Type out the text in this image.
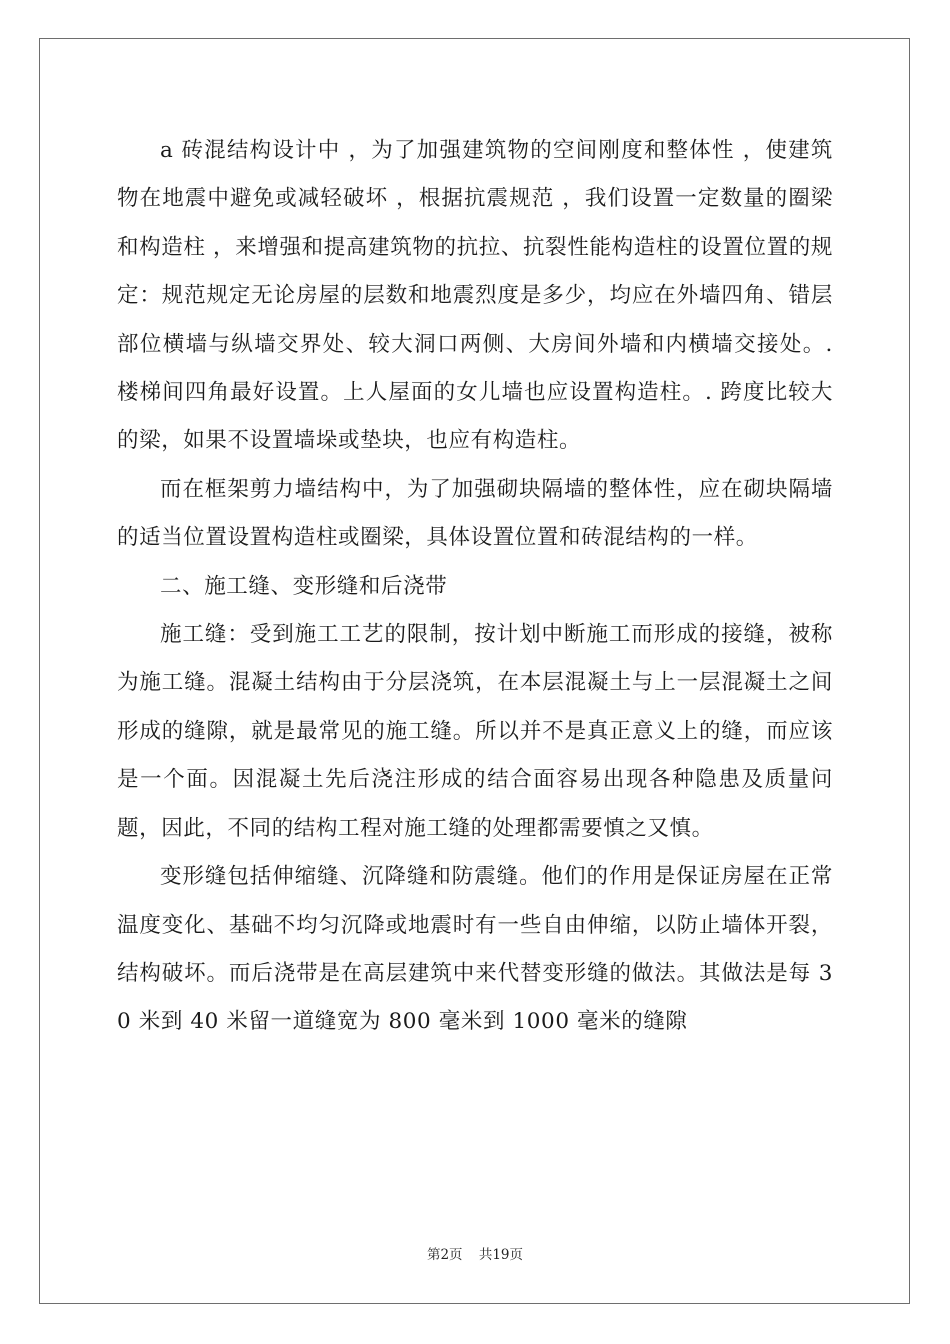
a 砖混结构设计中 ，为了加强建筑物的空间刚度和整体性 ，使建筑物在地震中避免或减轻破坏 ，根据抗震规范 ，我们设置一定数量的圈梁和构造柱 ，来增强和提高建筑物的抗拉、抗裂性能构造柱的设置位置的规定：规范规定无论房屋的层数和地震烈度是多少，均应在外墙四角、错层部位横墙与纵墙交界处、较大洞口两侧、大房间外墙和内横墙交接处。. 楼梯间四角最好设置。上人屋面的女儿墙也应设置构造柱。. 跨度比较大的梁，如果不设置墙垛或垫块，也应有构造柱。

而在框架剪力墙结构中，为了加强砌块隔墙的整体性，应在砌块隔墙的适当位置设置构造柱或圈梁，具体设置位置和砖混结构的一样。

二、施工缝、变形缝和后浇带

施工缝：受到施工工艺的限制，按计划中断施工而形成的接缝，被称为施工缝。混凝土结构由于分层浇筑，在本层混凝土与上一层混凝土之间形成的缝隙，就是最常见的施工缝。所以并不是真正意义上的缝，而应该是一个面。因混凝土先后浇注形成的结合面容易出现各种隐患及质量问题，因此，不同的结构工程对施工缝的处理都需要慎之又慎。

变形缝包括伸缩缝、沉降缝和防震缝。他们的作用是保证房屋在正常温度变化、基础不均匀沉降或地震时有一些自由伸缩，以防止墙体开裂，结构破坏。而后浇带是在高层建筑中来代替变形缝的做法。其做法是每 30 米到 40 米留一道缝宽为 800 毫米到 1000 毫米的缝隙

第2页 共19页
